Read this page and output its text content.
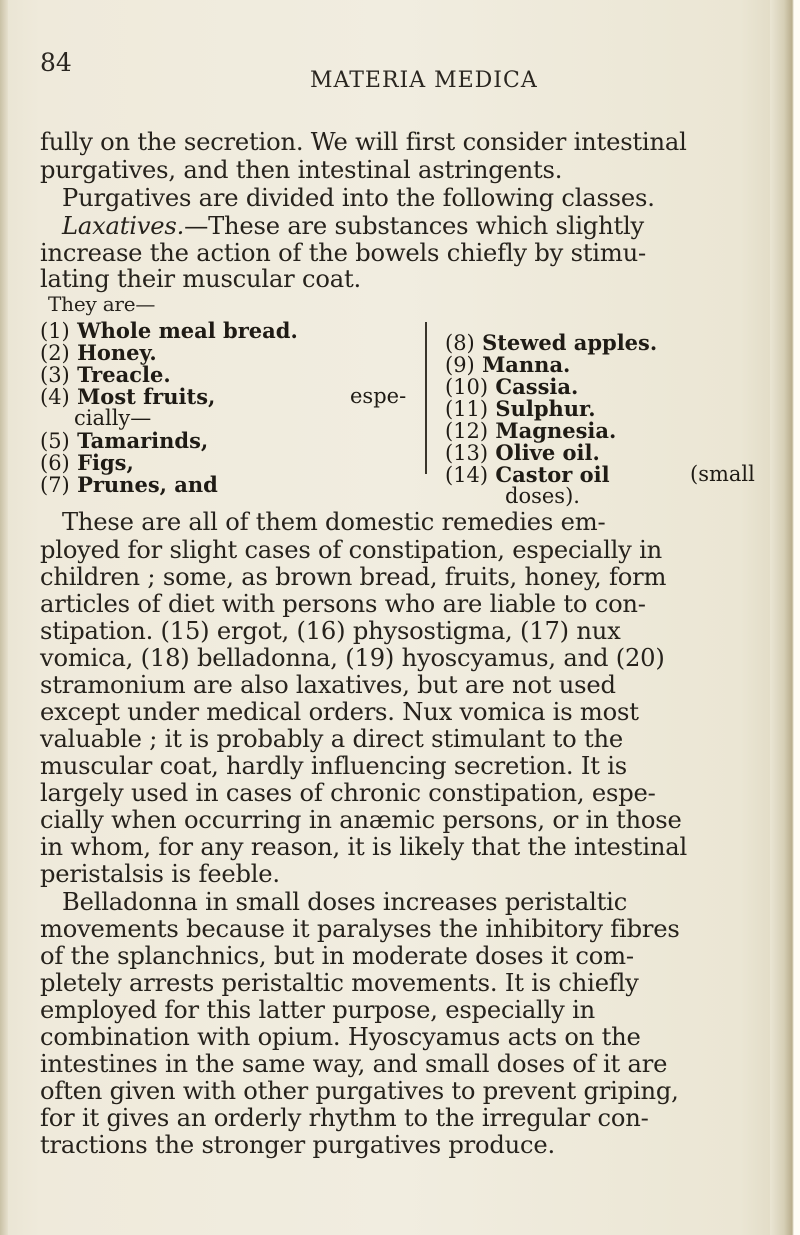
84
MATERIA MEDICA
fully on the secretion. We will first consider intestinal
purgatives, and then intestinal astringents.
Purgatives are divided into the following classes.
Laxatives.—These are substances which slightly
increase the action of the bowels chiefly by stimu-
lating their muscular coat.
They are—
(1) Whole meal bread.
(2) Honey.
(3) Treacle.
(4) Most fruits,	espe-
cially—
(5) Tamarinds,
(6) Figs,
(7) Prunes, and
(8) Stewed apples.
(9) Manna.
(10) Cassia.
(11) Sulphur.
(12) Magnesia.
(13) Olive oil.
(14) Castor oil	(small
doses).
These are all of them domestic remedies em-
ployed for slight cases of constipation, especially in
children ; some, as brown bread, fruits, honey, form
articles of diet with persons who are liable to con-
stipation. (15) ergot, (16) physostigma, (17) nux
vomica, (18) belladonna, (19) hyoscyamus, and (20)
stramonium are also laxatives, but are not used
except under medical orders. Nux vomica is most
valuable ; it is probably a direct stimulant to the
muscular coat, hardly influencing secretion. It is
largely used in cases of chronic constipation, espe-
cially when occurring in anæmic persons, or in those
in whom, for any reason, it is likely that the intestinal
peristalsis is feeble.
Belladonna in small doses increases peristaltic
movements because it paralyses the inhibitory fibres
of the splanchnics, but in moderate doses it com-
pletely arrests peristaltic movements. It is chiefly
employed for this latter purpose, especially in
combination with opium. Hyoscyamus acts on the
intestines in the same way, and small doses of it are
often given with other purgatives to prevent griping,
for it gives an orderly rhythm to the irregular con-
tractions the stronger purgatives produce.
